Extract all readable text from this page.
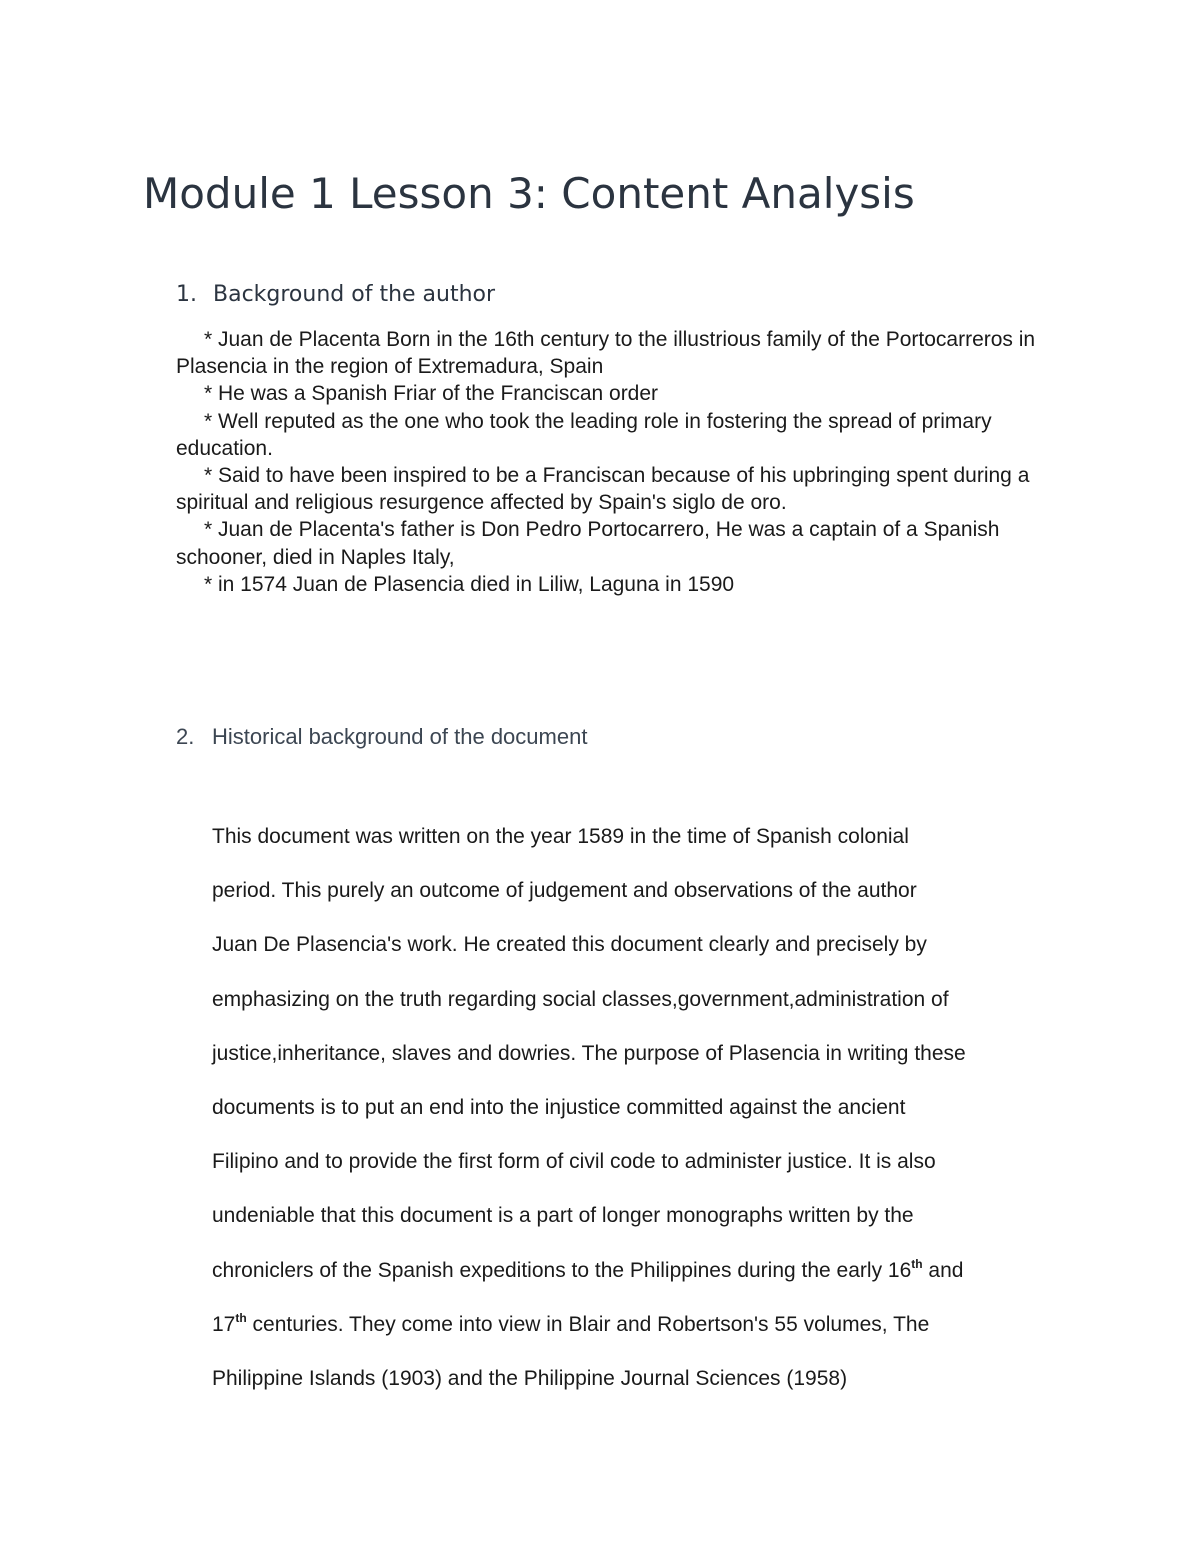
Module 1 Lesson 3: Content Analysis
1. Background of the author
* Juan de Placenta Born in the 16th century to the illustrious family of the Portocarreros in Plasencia in the region of Extremadura, Spain
* He was a Spanish Friar of the Franciscan order
* Well reputed as the one who took the leading role in fostering the spread of primary education.
* Said to have been inspired to be a Franciscan because of his upbringing spent during a spiritual and religious resurgence affected by Spain's siglo de oro.
* Juan de Placenta's father is Don Pedro Portocarrero, He was a captain of a Spanish schooner, died in Naples Italy,
* in 1574 Juan de Plasencia died in Liliw, Laguna in 1590
2. Historical background of the document
This document was written on the year 1589 in the time of Spanish colonial
period. This purely an outcome of judgement and observations of the author
Juan De Plasencia's work. He created this document clearly and precisely by
emphasizing on the truth regarding social classes,government,administration of
justice,inheritance, slaves and dowries. The purpose of Plasencia in writing these
documents is to put an end into the injustice committed against the ancient
Filipino and to provide the first form of civil code to administer justice. It is also
undeniable that this document is a part of longer monographs written by the
chroniclers of the Spanish expeditions to the Philippines during the early 16th and
17th centuries. They come into view in Blair and Robertson's 55 volumes, The
Philippine Islands (1903) and the Philippine Journal Sciences (1958)
